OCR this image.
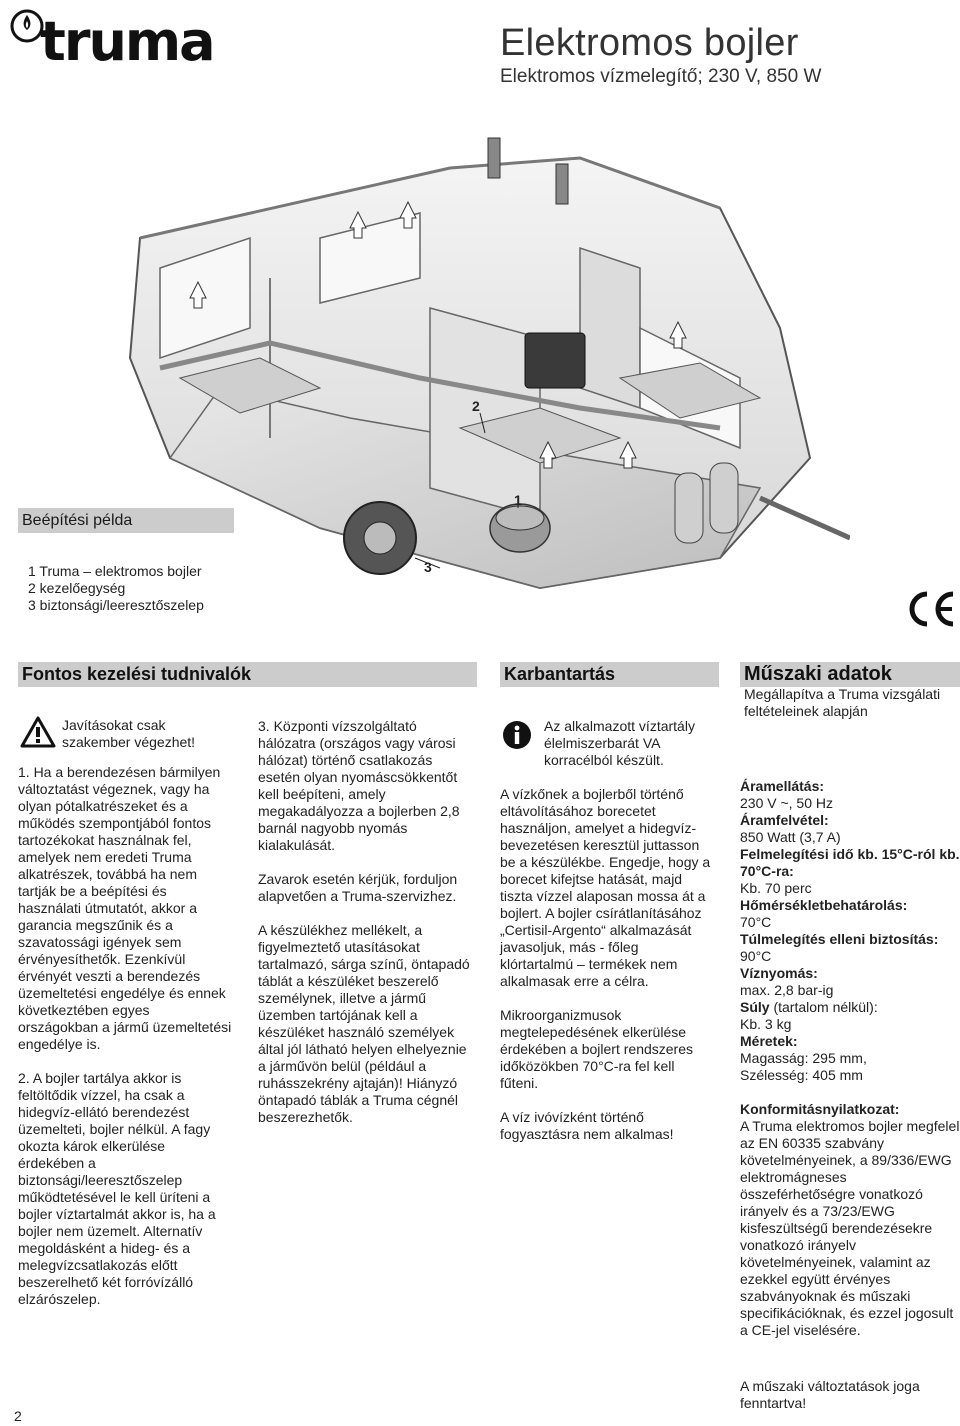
truma	Elektromos bojler
Elektromos vízmelegítő; 230 V, 850 W
2
1
3
Beépítési példa
1 Truma – elektromos bojler
2 kezelőegység
3 biztonsági/leeresztőszelep
Fontos kezelési tudnivalók	Karbantartás	Műszaki adatok
Megállapítva a Truma vizsgálati feltételeinek alapján
Javításokat csak szakember végezhet!

1. Ha a berendezésen bármilyen változtatást végeznek, vagy ha olyan pótalkatrészeket és a működés szempontjából fontos tartozékokat használnak fel, amelyek nem eredeti Truma alkatrészek, továbbá ha nem tartják be a beépítési és használati útmutatót, akkor a garancia megszűnik és a szavatossági igények sem érvényesíthetők. Ezenkívül érvényét veszti a berendezés üzemeltetési engedélye és ennek következtében egyes országokban a jármű üzemeltetési engedélye is.

2. A bojler tartálya akkor is feltöltődik vízzel, ha csak a hidegvíz-ellátó berendezést üzemelteti, bojler nélkül. A fagy okozta károk elkerülése érdekében a biztonsági/leeresztőszelep működtetésével le kell üríteni a bojler víztartalmát akkor is, ha a bojler nem üzemelt. Alternatív megoldásként a hideg- és a melegvízcsatlakozás előtt beszerelhető két forróvízálló elzárószelep.

3. Központi vízszolgáltató hálózatra (országos vagy városi hálózat) történő csatlakozás esetén olyan nyomáscsökkentőt kell beépíteni, amely megakadályozza a bojlerben 2,8 barnál nagyobb nyomás kialakulását.

Zavarok esetén kérjük, forduljon alapvetően a Truma-szervizhez.

A készülékhez mellékelt, a figyelmeztető utasításokat tartalmazó, sárga színű, öntapadó táblát a készüléket beszerelő személynek, illetve a jármű üzemben tartójának kell a készüléket használó személyek által jól látható helyen elhelyeznie a járművön belül (például a ruhásszekrény ajtaján)! Hiányzó öntapadó táblák a Truma cégnél beszerezhetők.

Az alkalmazott víztartály élelmiszerbarát VA korracélból készült.

A vízkőnek a bojlerből történő eltávolításához borecetet használjon, amelyet a hidegvíz-bevezetésen keresztül juttasson be a készülékbe. Engedje, hogy a borecet kifejtse hatását, majd tiszta vízzel alaposan mossa át a bojlert. A bojler csírátlanításához „Certisil-Argento“ alkalmazását javasoljuk, más - főleg klórtartalmú – termékek nem alkalmasak erre a célra.

Mikroorganizmusok megtelepedésének elkerülése érdekében a bojlert rendszeres időközökben 70°C-ra fel kell fűteni.

A víz ivóvízként történő fogyasztásra nem alkalmas!

Áramellátás:
230 V ~, 50 Hz
Áramfelvétel:
850 Watt (3,7 A)
Felmelegítési idő kb. 15°C-ról kb. 70°C-ra:
Kb. 70 perc
Hőmérsékletbehatárolás:
70°C
Túlmelegítés elleni biztosítás:
90°C
Víznyomás:
max. 2,8 bar-ig
Súly (tartalom nélkül):
Kb. 3 kg
Méretek:
Magasság: 295 mm,
Szélesség: 405 mm
Konformitásnyilatkozat:
A Truma elektromos bojler megfelel az EN 60335 szabvány követelményeinek, a 89/336/EWG elektromágneses összeférhetőségre vonatkozó irányelv és a 73/23/EWG kisfeszültségű berendezésekre vonatkozó irányelv követelményeinek, valamint az ezekkel együtt érvényes szabványoknak és műszaki specifikációknak, és ezzel jogosult a CE-jel viselésére.
A műszaki változtatások joga fenntartva!
2
